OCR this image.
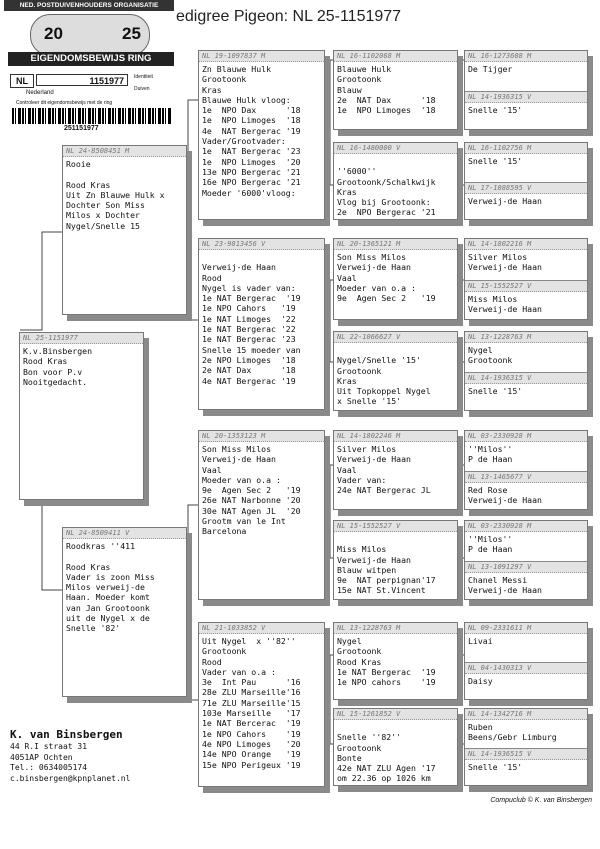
edigree Pigeon: NL 25-1151977
NED. POSTDUIVENHOUDERS ORGANISATIE
20	25
EIGENDOMSBEWIJS RING
NL	1151977	Identiteit
Duiven
Nederland
Controleer dit eigendomsbewijs met de ring
251151977
NL 25-1151977
K.v.Binsbergen
Rood Kras
Bon voor P.v
Nooitgedacht.
NL 24-8508451 M
Rooie

Rood Kras
Uit Zn Blauwe Hulk x
Dochter Son Miss
Milos x Dochter
Nygel/Snelle 15
NL 24-8509411 V
Roodkras ''411

Rood Kras
Vader is zoon Miss
Milos verweij-de
Haan. Moeder komt
van Jan Grootoonk
uit de Nygel x de
Snelle '82'
NL 19-1097837 M
Zn Blauwe Hulk
Grootoonk
Kras
Blauwe Hulk vloog:
1e  NPO Dax      '18
1e  NPO Limoges  '18
4e  NAT Bergerac '19
Vader/Grootvader:
1e  NAT Bergerac '23
1e  NPO Limoges  '20
13e NPO Bergerac '21
16e NPO Bergerac '21
Moeder '6000'vloog:
NL 23-9813456 V

Verweij-de Haan
Rood
Nygel is vader van:
1e NAT Bergerac  '19
1e NPO Cahors   '19
1e NAT Limoges  '22
1e NAT Bergerac '22
1e NAT Bergerac '23
Snelle 15 moeder van
2e NPO Limoges  '18
2e NAT Dax      '18
4e NAT Bergerac '19
NL 20-1353123 M
Son Miss Milos
Verweij-de Haan
Vaal
Moeder van o.a :
9e  Agen Sec 2   '19
26e NAT Narbonne '20
30e NAT Agen JL  '20
Grootm van le Int
Barcelona
NL 21-1033852 V
Uit Nygel  x ''82''
Grootoonk
Rood
Vader van o.a :
3e  Int Pau      '16
28e ZLU Marseille'16
71e ZLU Marseille'15
103e Marseille   '17
1e NAT Bercerac  '19
1e NPO Cahors    '19
4e NPO Limoges   '20
14e NPO Orange   '19
15e NPO Perigeux '19
NL 16-1102068 M
Blauwe Hulk
Grootoonk
Blauw
2e  NAT Dax      '18
1e  NPO Limoges  '18
NL 16-1480000 V

''6000''
Grootoonk/Schalkwijk
Kras
Vlog bij Grootoonk:
2e  NPO Bergerac '21
NL 20-1365121 M
Son Miss Milos
Verweij-de Haan
Vaal
Moeder van o.a :
9e  Agen Sec 2   '19
NL 22-1066627 V

Nygel/Snelle '15'
Grootoonk
Kras
Uit Topkoppel Nygel
x Snelle '15'
NL 14-1802246 M
Silver Milos
Verweij-de Haan
Vaal
Vader van:
24e NAT Bergerac JL
NL 15-1552527 V

Miss Milos
Verweij-de Haan
Blauw witpen
9e  NAT perpignan'17
15e NAT St.Vincent
NL 13-1228763 M
Nygel
Grootoonk
Rood Kras
1e NAT Bergerac  '19
1e NPO cahors    '19
NL 15-1261852 V

Snelle ''82''
Grootoonk
Bonte
42e NAT ZLU Agen '17
om 22.36 op 1026 km
NL 16-1273608 M
De Tijger
NL 14-1936315 V
Snelle '15'
NL 16-1102756 M
Snelle '15'
NL 17-1088595 V
Verweij-de Haan
NL 14-1802216 M
Silver Milos
Verweij-de Haan
NL 15-1552527 V
Miss Milos
Verweij-de Haan
NL 13-1228763 M
Nygel
Grootoonk
NL 14-1936315 V
Snelle '15'
NL 03-2330928 M
''Milos''
P de Haan
NL 13-1465677 V
Red Rose
Verweij-de Haan
NL 03-2330928 M
''Milos''
P de Haan
NL 13-1091297 V
Chanel Messi
Verweij-de Haan
NL 09-2331611 M
Livai
NL 04-1430313 V
Daisy
NL 14-1342716 M
Ruben
Beens/Gebr Limburg
NL 14-1936515 V
Snelle '15'
K. van Binsbergen
44 R.I straat 31
4051AP Ochten
Tel.: 0634005174
c.binsbergen@kpnplanet.nl
Compuclub © K. van Binsbergen
